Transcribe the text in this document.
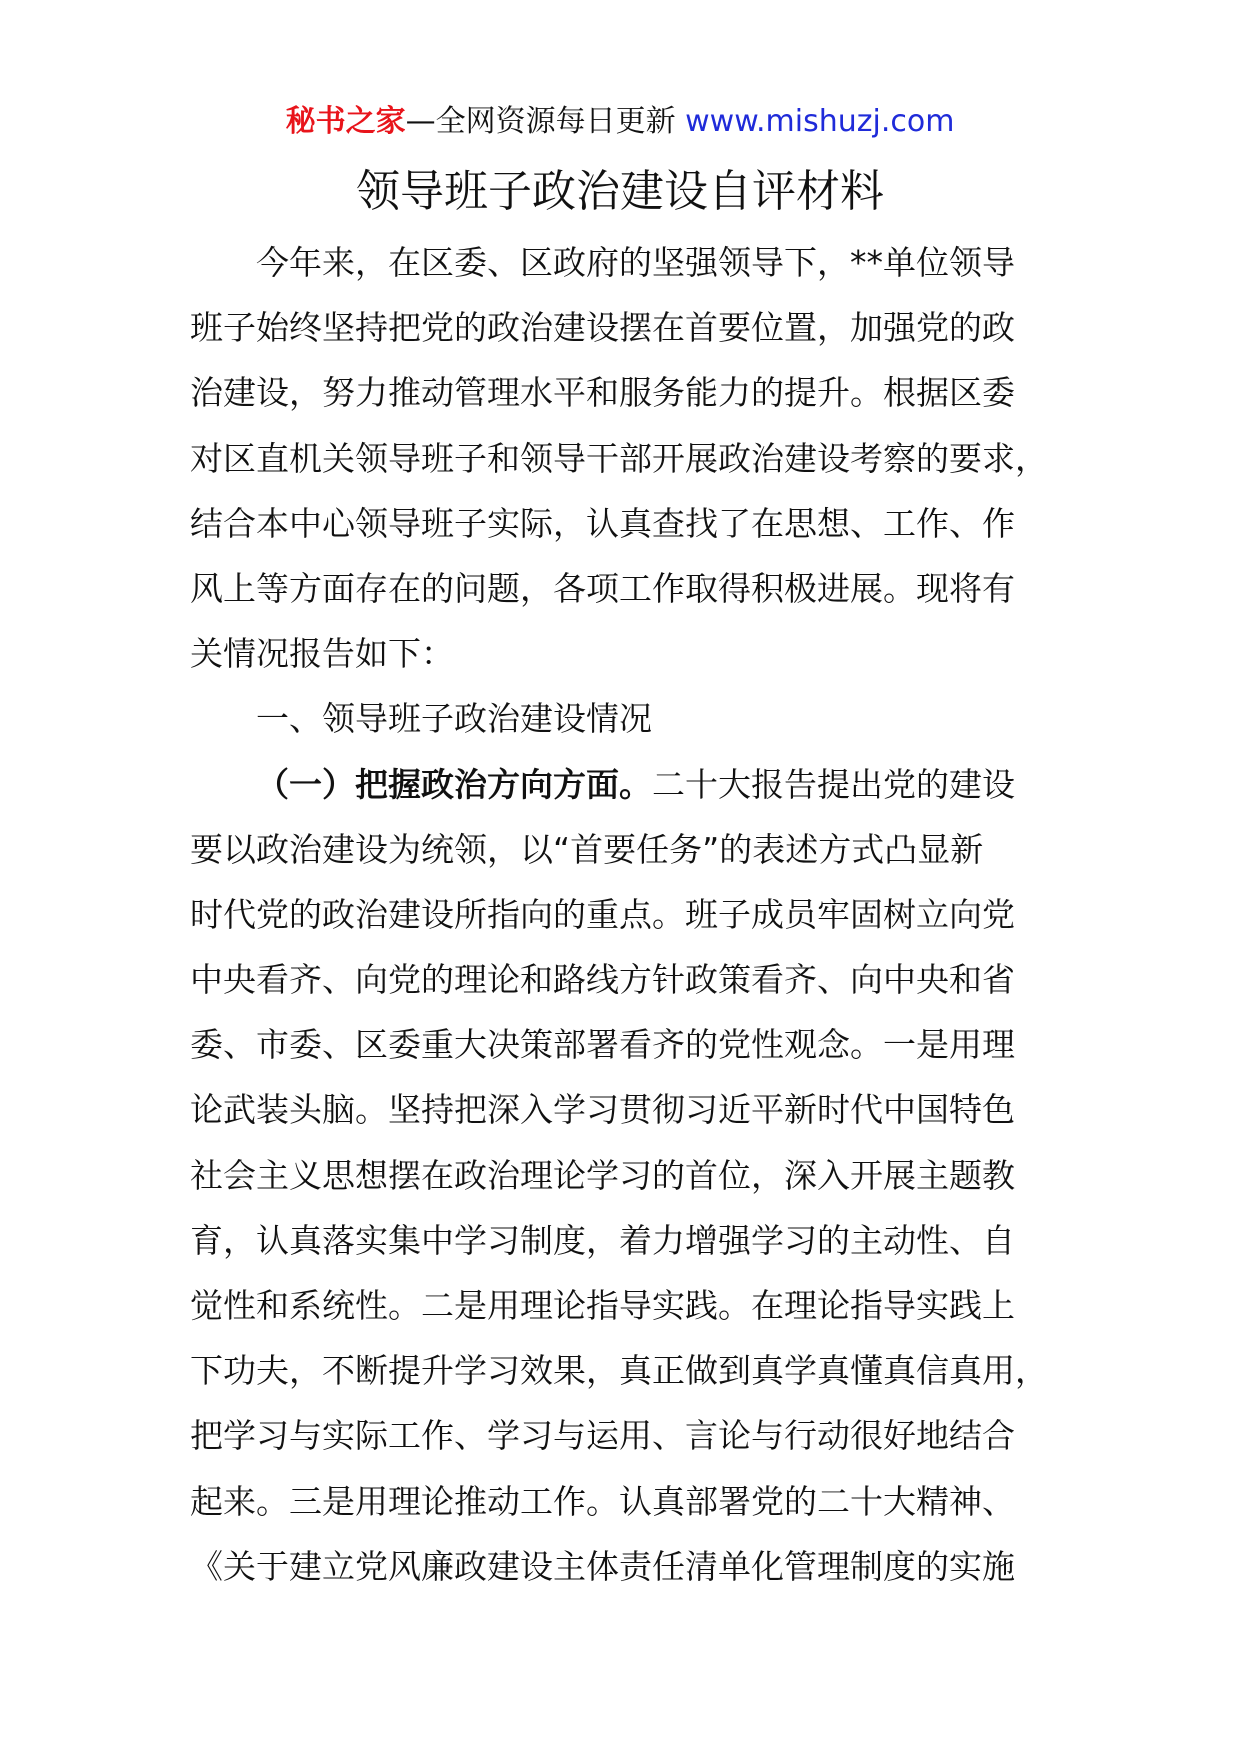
秘书之家—全网资源每日更新 www.mishuzj.com
领导班子政治建设自评材料
今年来，在区委、区政府的坚强领导下，**单位领导
班子始终坚持把党的政治建设摆在首要位置，加强党的政
治建设，努力推动管理水平和服务能力的提升。根据区委
对区直机关领导班子和领导干部开展政治建设考察的要求，
结合本中心领导班子实际，认真查找了在思想、工作、作
风上等方面存在的问题，各项工作取得积极进展。现将有
关情况报告如下：
一、领导班子政治建设情况
（一）把握政治方向方面。二十大报告提出党的建设
要以政治建设为统领，以“首要任务”的表述方式凸显新
时代党的政治建设所指向的重点。班子成员牢固树立向党
中央看齐、向党的理论和路线方针政策看齐、向中央和省
委、市委、区委重大决策部署看齐的党性观念。一是用理
论武装头脑。坚持把深入学习贯彻习近平新时代中国特色
社会主义思想摆在政治理论学习的首位，深入开展主题教
育，认真落实集中学习制度，着力增强学习的主动性、自
觉性和系统性。二是用理论指导实践。在理论指导实践上
下功夫，不断提升学习效果，真正做到真学真懂真信真用，
把学习与实际工作、学习与运用、言论与行动很好地结合
起来。三是用理论推动工作。认真部署党的二十大精神、
《关于建立党风廉政建设主体责任清单化管理制度的实施
